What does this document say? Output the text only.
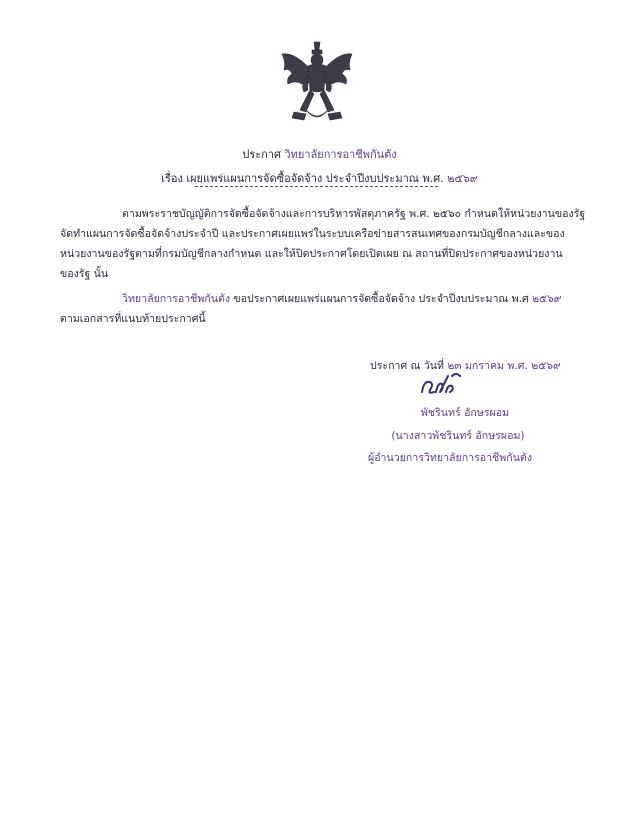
ประกาศ วิทยาลัยการอาชีพกันตัง
เรื่อง เผยแพร่แผนการจัดซื้อจัดจ้าง ประจำปีงบประมาณ พ.ศ. ๒๕๖๙
ตามพระราชบัญญัติการจัดซื้อจัดจ้างและการบริหารพัสดุภาครัฐ พ.ศ. ๒๕๖๐ กำหนดให้หน่วยงานของรัฐ
จัดทำแผนการจัดซื้อจัดจ้างประจำปี และประกาศเผยแพร่ในระบบเครือข่ายสารสนเทศของกรมบัญชีกลางและของ
หน่วยงานของรัฐตามที่กรมบัญชีกลางกำหนด และให้ปิดประกาศโดยเปิดเผย ณ สถานที่ปิดประกาศของหน่วยงาน
ของรัฐ นั้น
วิทยาลัยการอาชีพกันตัง ขอประกาศเผยแพร่แผนการจัดซื้อจัดจ้าง ประจำปีงบประมาณ พ.ศ ๒๕๖๙
ตามเอกสารที่แนบท้ายประกาศนี้
ประกาศ ณ วันที่ ๒๓ มกราคม พ.ศ. ๒๕๖๙
พัชรินทร์ อักษรผอม
(นางสาวพัชรินทร์ อักษรผอม)
ผู้อำนวยการวิทยาลัยการอาชีพกันตัง
